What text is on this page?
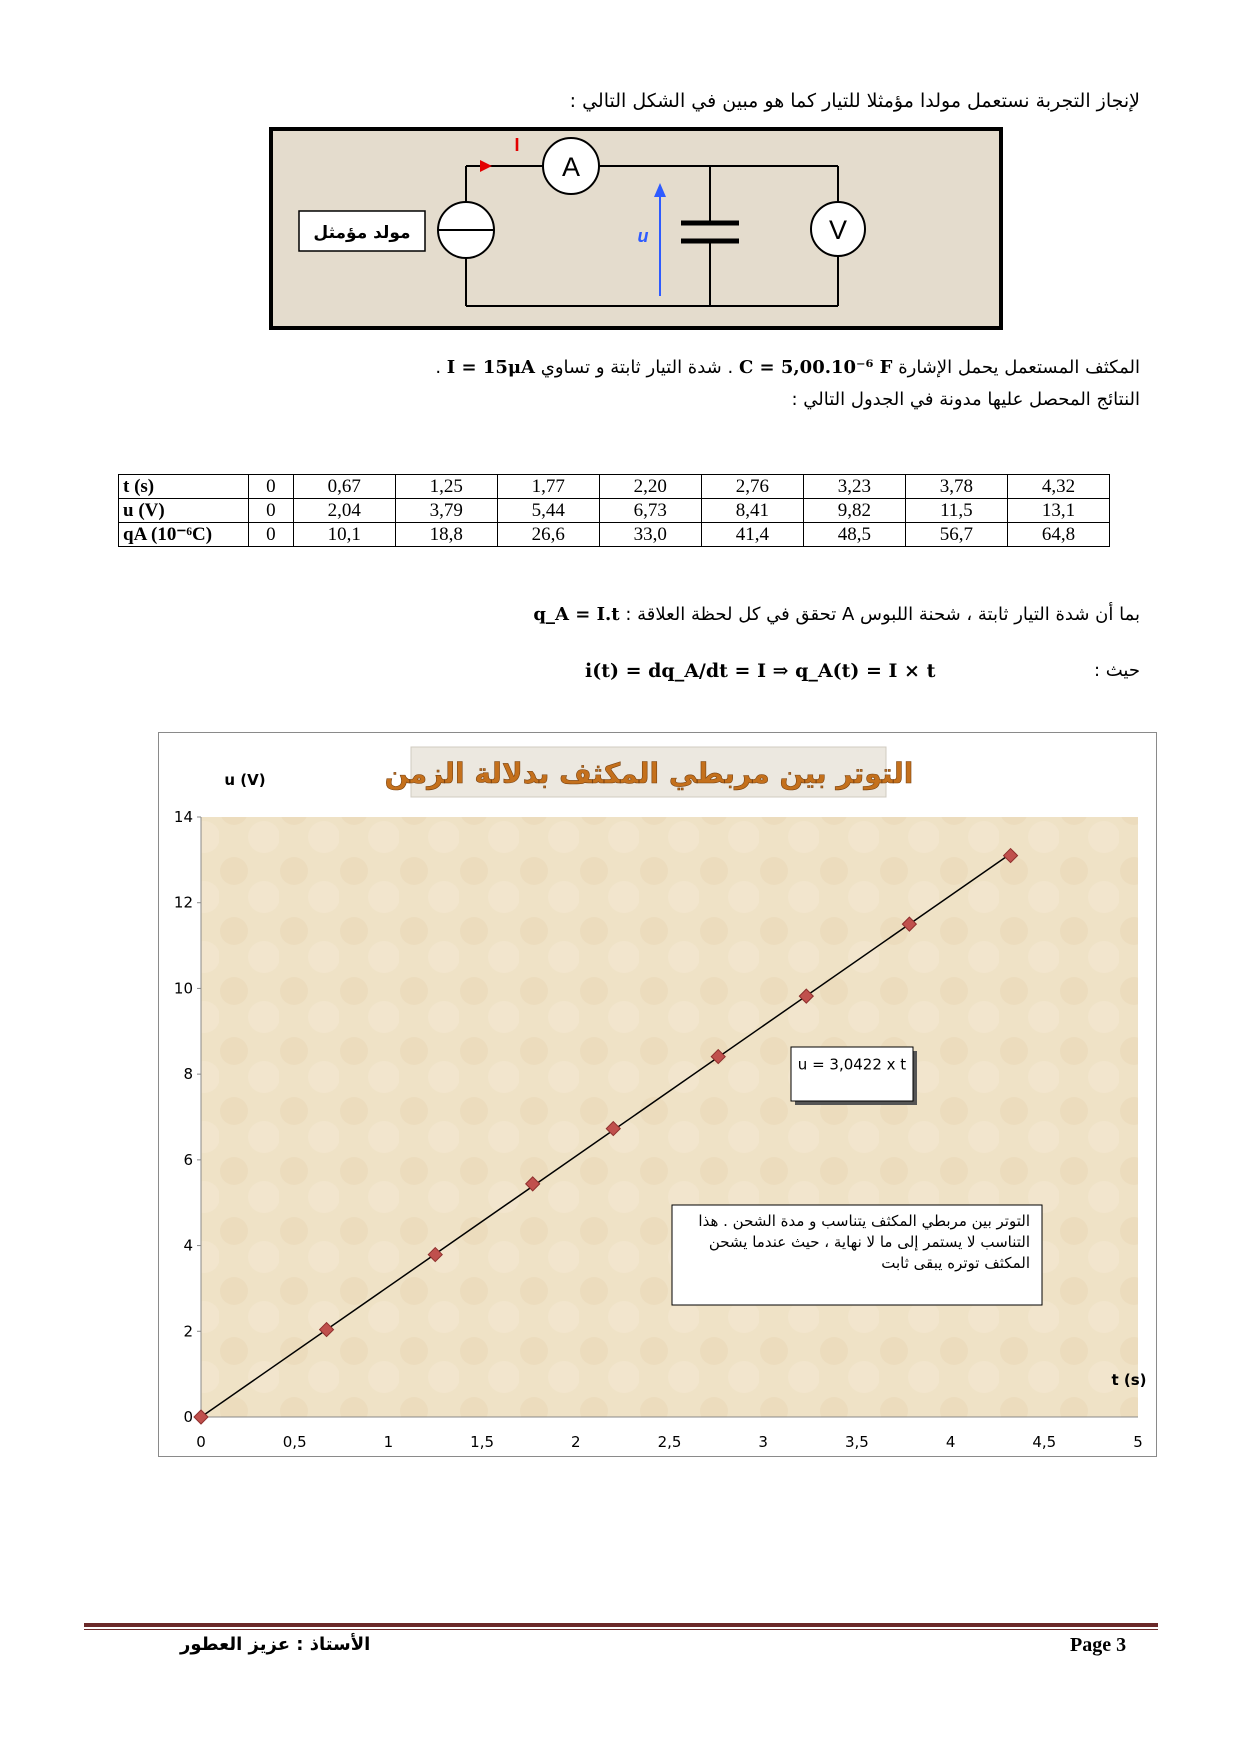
لإنجاز التجربة نستعمل مولدا مؤمثلا للتيار كما هو مبين في الشكل التالي :
A
V
I
u
مولد مؤمثل
المكثف المستعمل يحمل الإشارة C = 5,00.10⁻⁶ F . شدة التيار ثابتة و تساوي I = 15μA .
النتائج المحصل عليها مدونة في الجدول التالي :
t (s)	0	0,67	1,25	1,77	2,20	2,76	3,23	3,78	4,32
u (V)	0	2,04	3,79	5,44	6,73	8,41	9,82	11,5	13,1
qA (10⁻⁶C)	0	10,1	18,8	26,6	33,0	41,4	48,5	56,7	64,8
بما أن شدة التيار ثابتة ، شحنة اللبوس A تحقق في كل لحظة العلاقة : q_A = I.t
حيث :
i(t) = dq_A/dt = I ⇒ q_A(t) = I × t
التوتر بين مربطي المكثف بدلالة الزمن
u (V)
t (s)
0	0,5	1	1,5	2	2,5	3	3,5	4	4,5	5
0
2
4
6
8
10
12
14
u = 3,0422 x t
التوتر بين مربطي المكثف يتناسب و مدة الشحن . هذا التناسب لا يستمر إلى ما لا نهاية ، حيث عندما يشحن المكثف توتره يبقى ثابت
Page 3
الأستاذ : عزيز العطور
